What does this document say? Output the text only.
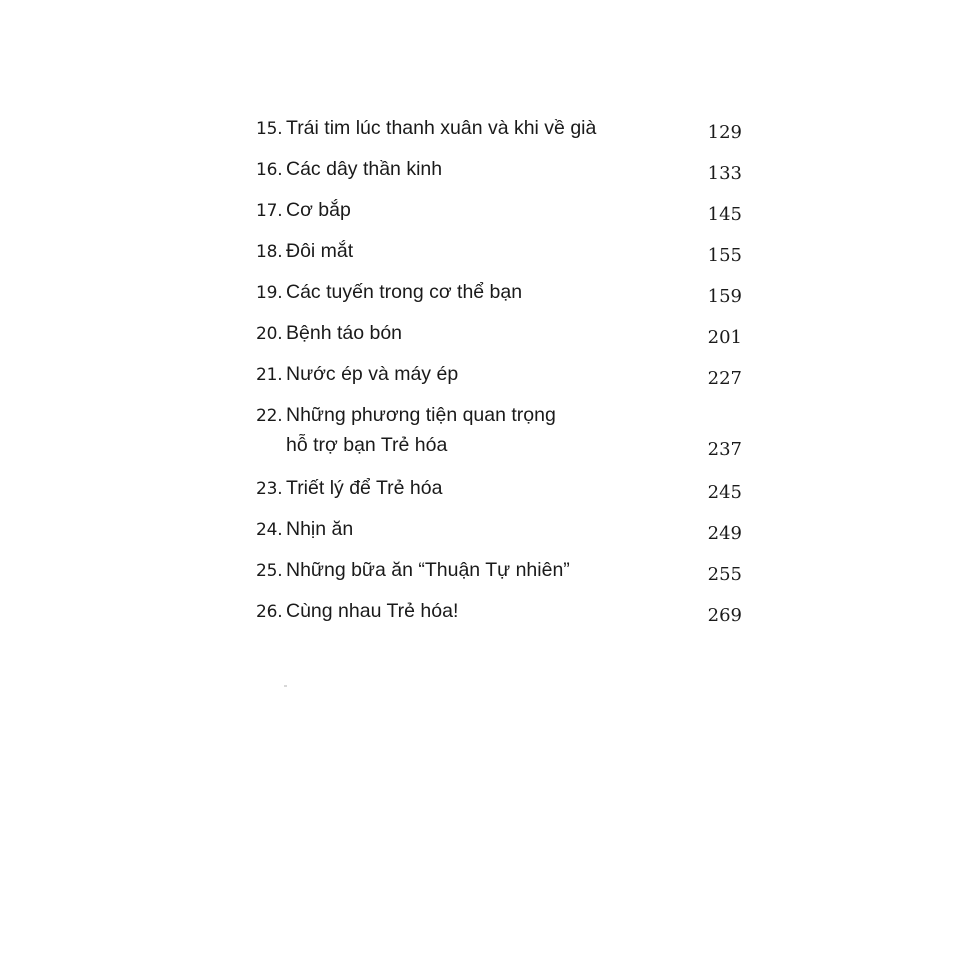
15. Trái tim lúc thanh xuân và khi về già	129
16. Các dây thần kinh	133
17. Cơ bắp	145
18. Đôi mắt	155
19. Các tuyến trong cơ thể bạn	159
20. Bệnh táo bón	201
21. Nước ép và máy ép	227
22. Những phương tiện quan trọng
hỗ trợ bạn Trẻ hóa	237
23. Triết lý để Trẻ hóa	245
24. Nhịn ăn	249
25. Những bữa ăn “Thuận Tự nhiên”	255
26. Cùng nhau Trẻ hóa!	269
